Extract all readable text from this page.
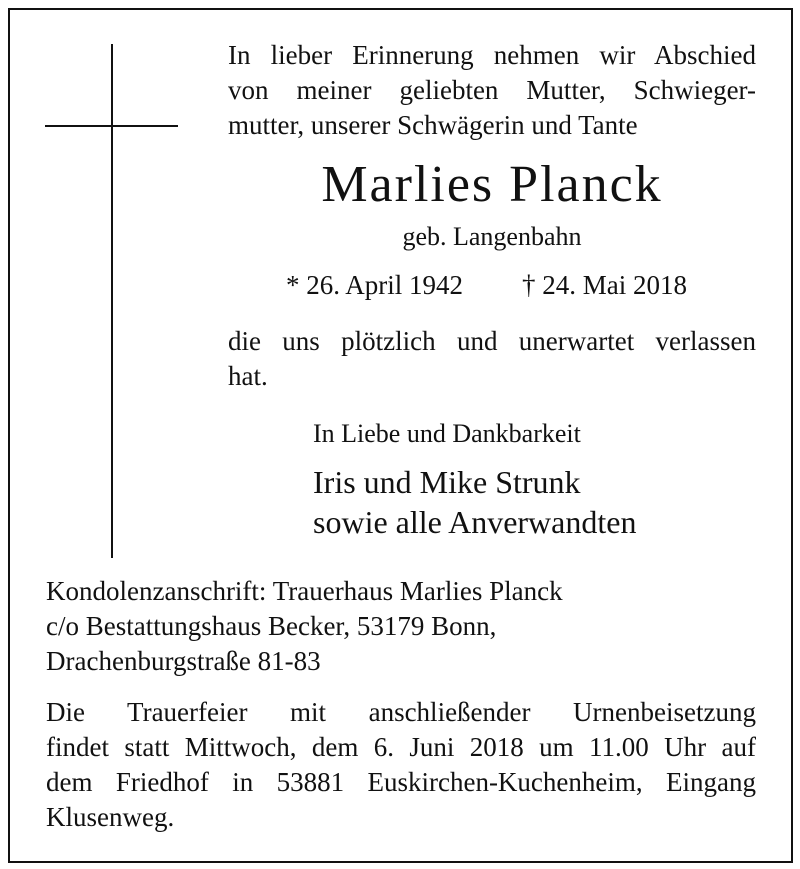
In lieber Erinnerung nehmen wir Abschied
von meiner geliebten Mutter, Schwieger-
mutter, unserer Schwägerin und Tante
Marlies Planck
geb. Langenbahn
* 26. April 1942 † 24. Mai 2018
die uns plötzlich und unerwartet verlassen
hat.
In Liebe und Dankbarkeit
Iris und Mike Strunk
sowie alle Anverwandten
Kondolenzanschrift: Trauerhaus Marlies Planck
c/o Bestattungshaus Becker, 53179 Bonn,
Drachenburgstraße 81-83
Die Trauerfeier mit anschließender Urnenbeisetzung
findet statt Mittwoch, dem 6. Juni 2018 um 11.00 Uhr auf
dem Friedhof in 53881 Euskirchen-Kuchenheim, Eingang
Klusenweg.
